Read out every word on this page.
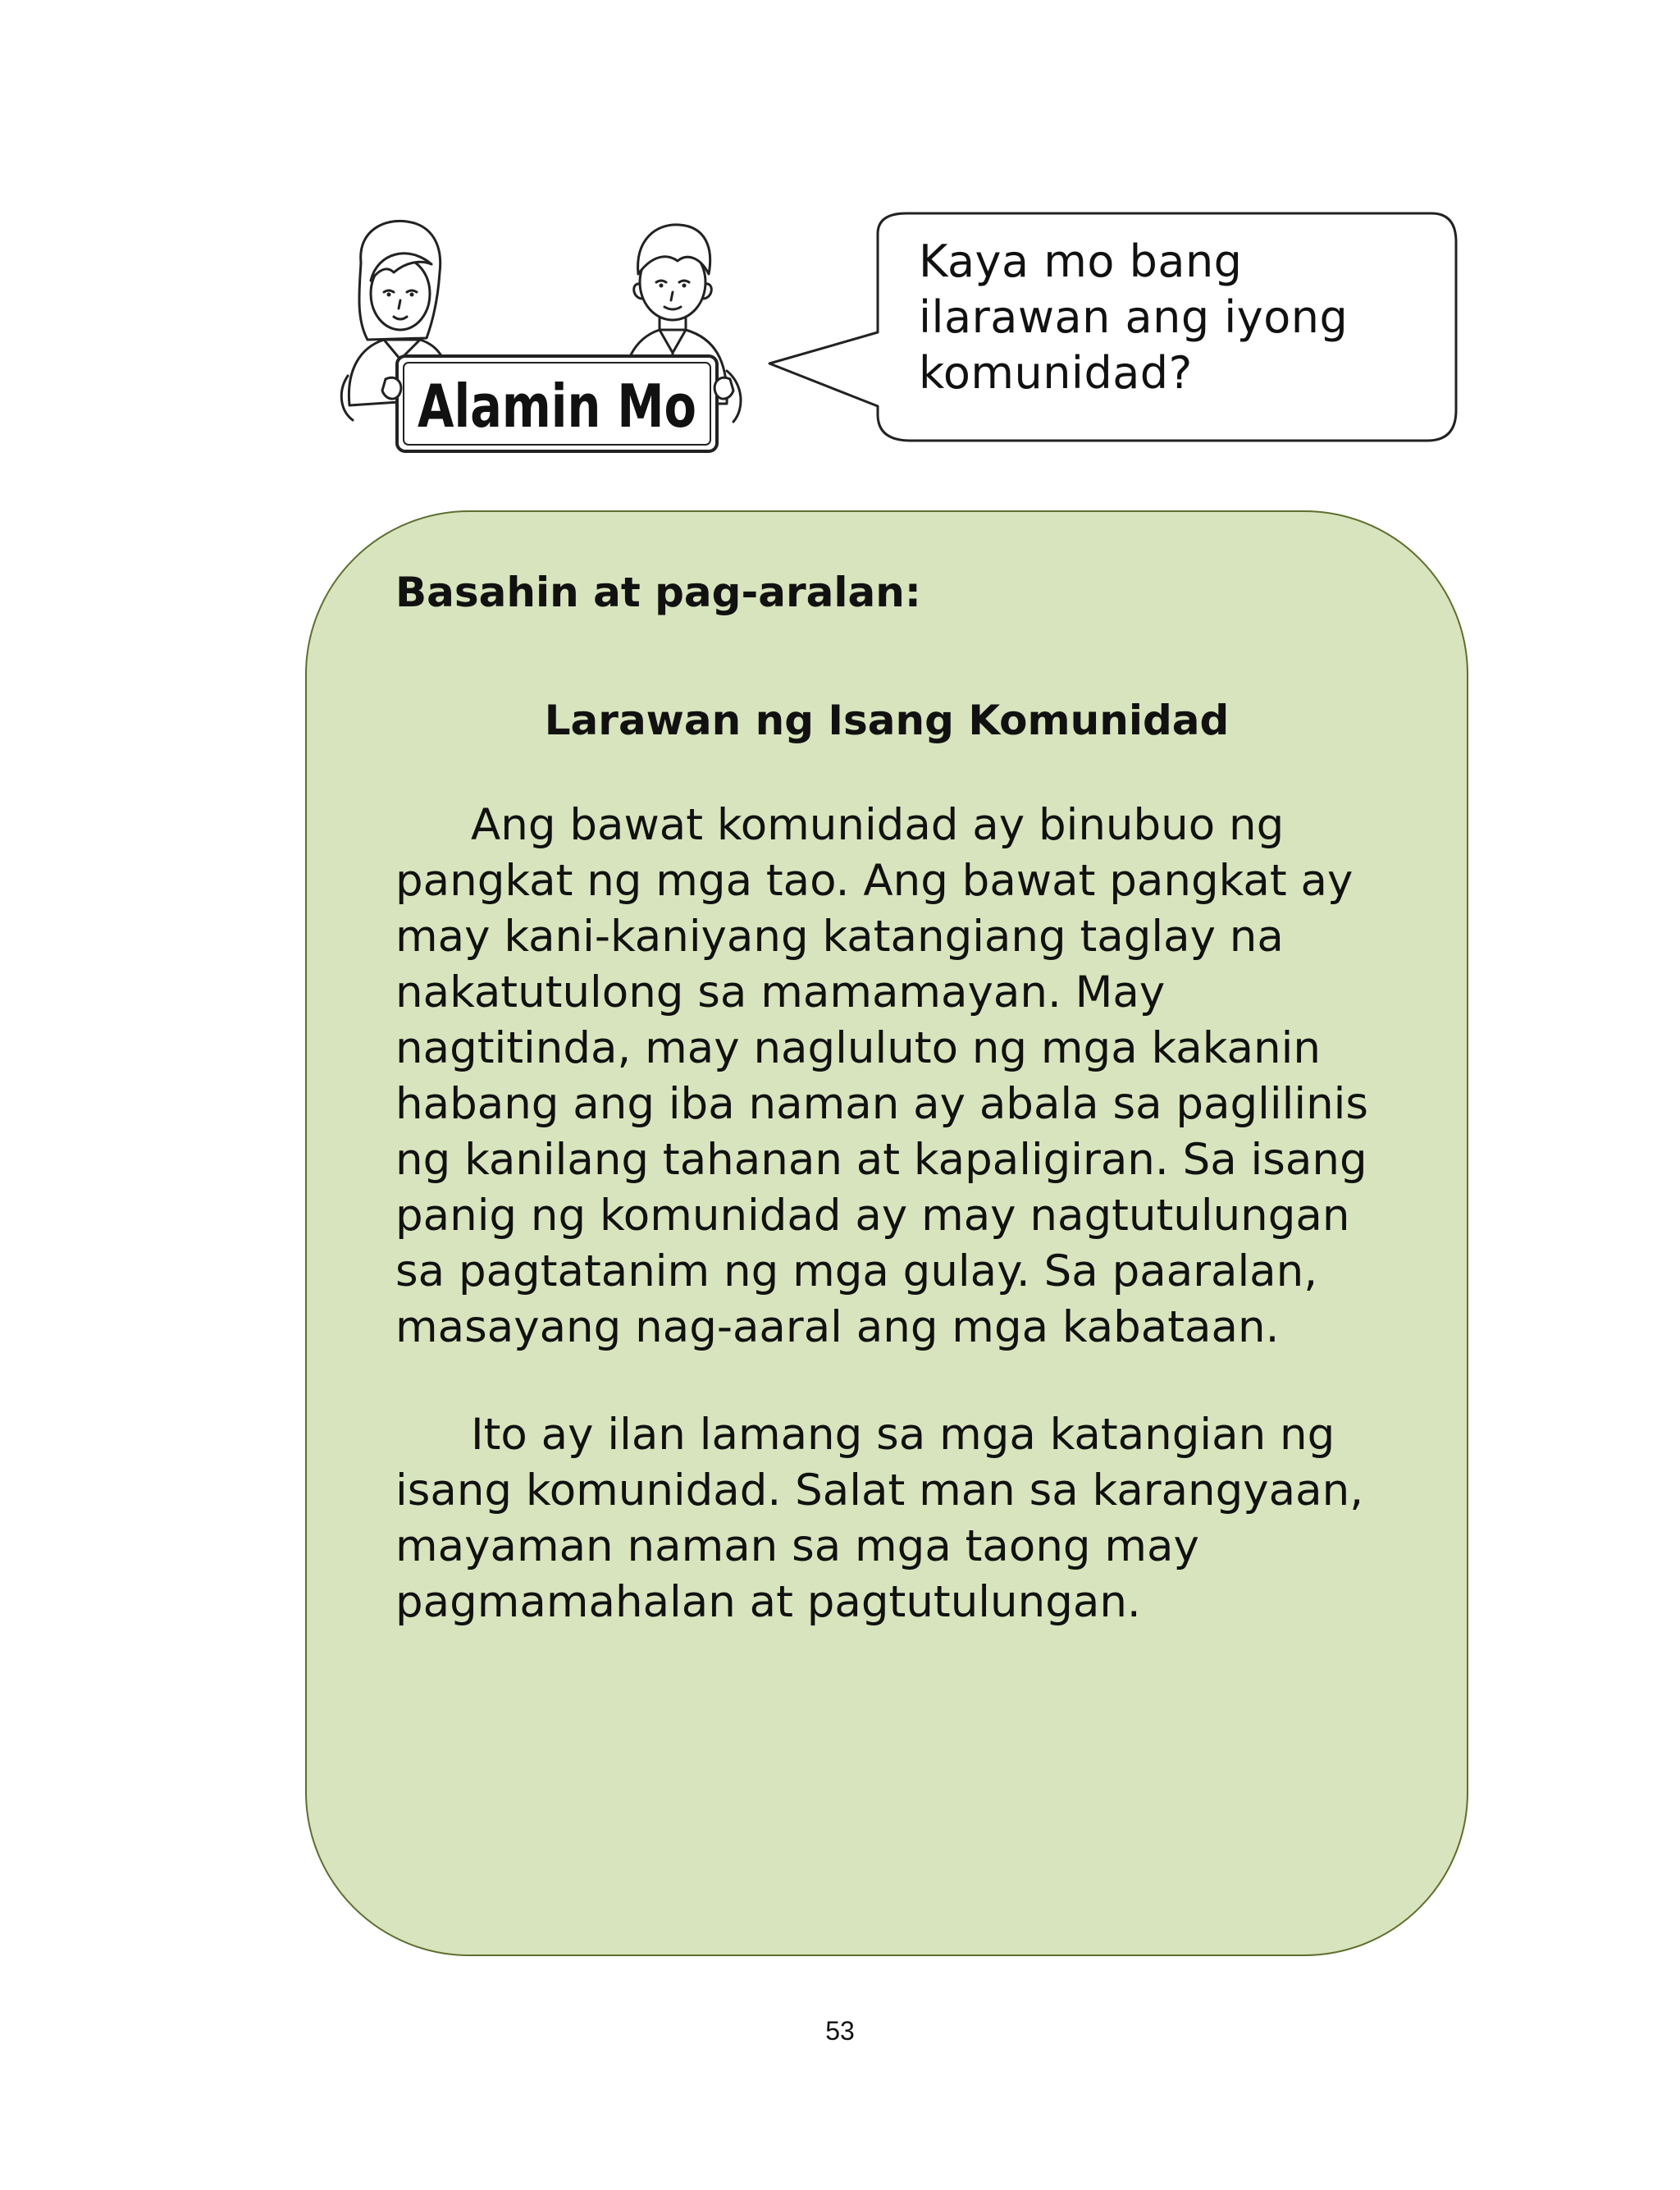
Alamin Mo
Kaya mo bang
ilarawan ang iyong
komunidad?
Basahin at pag-aralan:
Larawan ng Isang Komunidad
Ang bawat komunidad ay binubuo ng
pangkat ng mga tao. Ang bawat pangkat ay
may kani-kaniyang katangiang taglay na
nakatutulong sa mamamayan. May
nagtitinda, may nagluluto ng mga kakanin
habang ang iba naman ay abala sa paglilinis
ng kanilang tahanan at kapaligiran. Sa isang
panig ng komunidad ay may nagtutulungan
sa pagtatanim ng mga gulay. Sa paaralan,
masayang nag-aaral ang mga kabataan.
Ito ay ilan lamang sa mga katangian ng
isang komunidad. Salat man sa karangyaan,
mayaman naman sa mga taong may
pagmamahalan at pagtutulungan.
53
